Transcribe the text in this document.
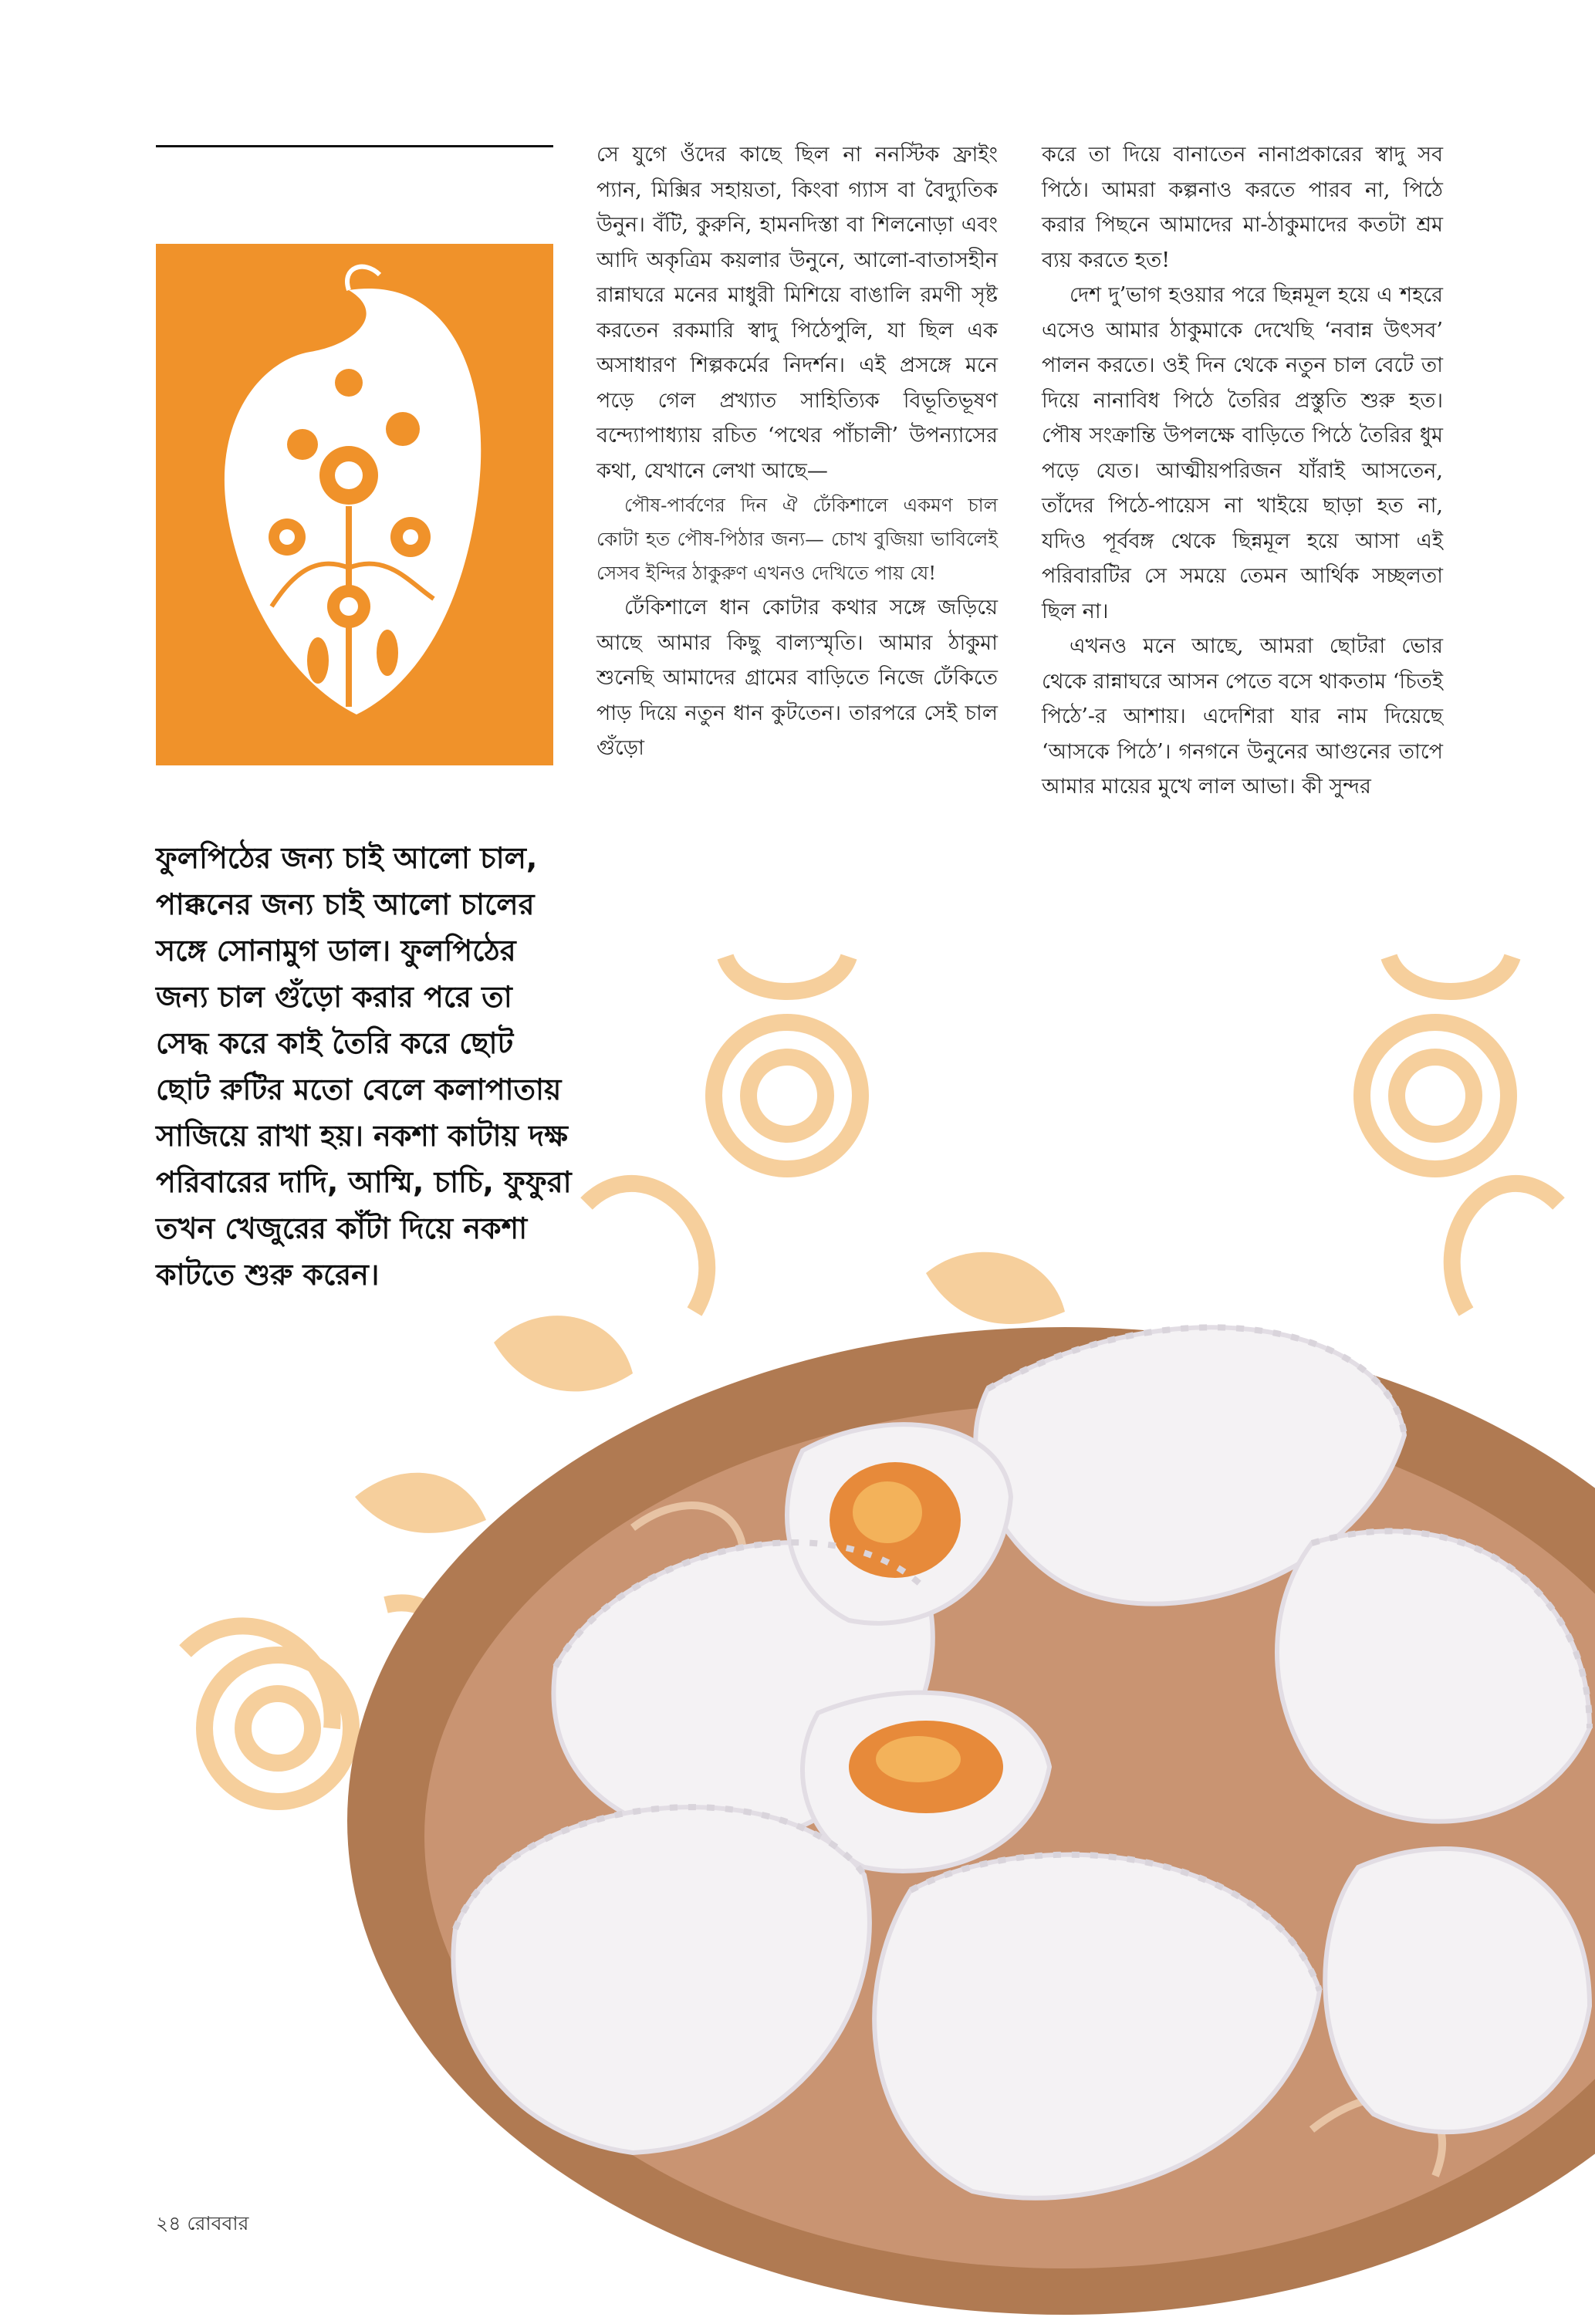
সে যুগে ওঁদের কাছে ছিল না ননস্টিক ফ্রাইং প্যান, মিক্সির সহায়তা, কিংবা গ্যাস বা বৈদ্যুতিক উনুন। বঁটি, কুরুনি, হামনদিস্তা বা শিলনোড়া এবং আদি অকৃত্রিম কয়লার উনুনে, আলো-বাতাসহীন রান্নাঘরে মনের মাধুরী মিশিয়ে বাঙালি রমণী সৃষ্ট করতেন রকমারি স্বাদু পিঠেপুলি, যা ছিল এক অসাধারণ শিল্পকর্মের নিদর্শন। এই প্রসঙ্গে মনে পড়ে গেল প্রখ্যাত সাহিত্যিক বিভূতিভূষণ বন্দ্যোপাধ্যায় রচিত ‘পথের পাঁচালী’ উপন্যাসের কথা, যেখানে লেখা আছে—

পৌষ-পার্বণের দিন ঐ ঢেঁকিশালে একমণ চাল কোটা হত পৌষ-পিঠার জন্য— চোখ বুজিয়া ভাবিলেই সেসব ইন্দির ঠাকুরুণ এখনও দেখিতে পায় যে!

ঢেঁকিশালে ধান কোটার কথার সঙ্গে জড়িয়ে আছে আমার কিছু বাল্যস্মৃতি। আমার ঠাকুমা শুনেছি আমাদের গ্রামের বাড়িতে নিজে ঢেঁকিতে পাড় দিয়ে নতুন ধান কুটতেন। তারপরে সেই চাল গুঁড়ো

করে তা দিয়ে বানাতেন নানাপ্রকারের স্বাদু সব পিঠে। আমরা কল্পনাও করতে পারব না, পিঠে করার পিছনে আমাদের মা-ঠাকুমাদের কতটা শ্রম ব্যয় করতে হত!

দেশ দু’ভাগ হওয়ার পরে ছিন্নমূল হয়ে এ শহরে এসেও আমার ঠাকুমাকে দেখেছি ‘নবান্ন উৎসব’ পালন করতে। ওই দিন থেকে নতুন চাল বেটে তা দিয়ে নানাবিধ পিঠে তৈরির প্রস্তুতি শুরু হত। পৌষ সংক্রান্তি উপলক্ষে বাড়িতে পিঠে তৈরির ধুম পড়ে যেত। আত্মীয়পরিজন যাঁরাই আসতেন, তাঁদের পিঠে-পায়েস না খাইয়ে ছাড়া হত না, যদিও পূর্ববঙ্গ থেকে ছিন্নমূল হয়ে আসা এই পরিবারটির সে সময়ে তেমন আর্থিক সচ্ছলতা ছিল না।

এখনও মনে আছে, আমরা ছোটরা ভোর থেকে রান্নাঘরে আসন পেতে বসে থাকতাম ‘চিতই পিঠে’-র আশায়। এদেশিরা যার নাম দিয়েছে ‘আসকে পিঠে’। গনগনে উনুনের আগুনের তাপে আমার মায়ের মুখে লাল আভা। কী সুন্দর

ফুলপিঠের জন্য চাই আলো চাল, পাক্কনের জন্য চাই আলো চালের সঙ্গে সোনামুগ ডাল। ফুলপিঠের জন্য চাল গুঁড়ো করার পরে তা সেদ্ধ করে কাই তৈরি করে ছোট ছোট রুটির মতো বেলে কলাপাতায় সাজিয়ে রাখা হয়। নকশা কাটায় দক্ষ পরিবারের দাদি, আম্মি, চাচি, ফুফুরা তখন খেজুরের কাঁটা দিয়ে নকশা কাটতে শুরু করেন।

২৪ রোববার
